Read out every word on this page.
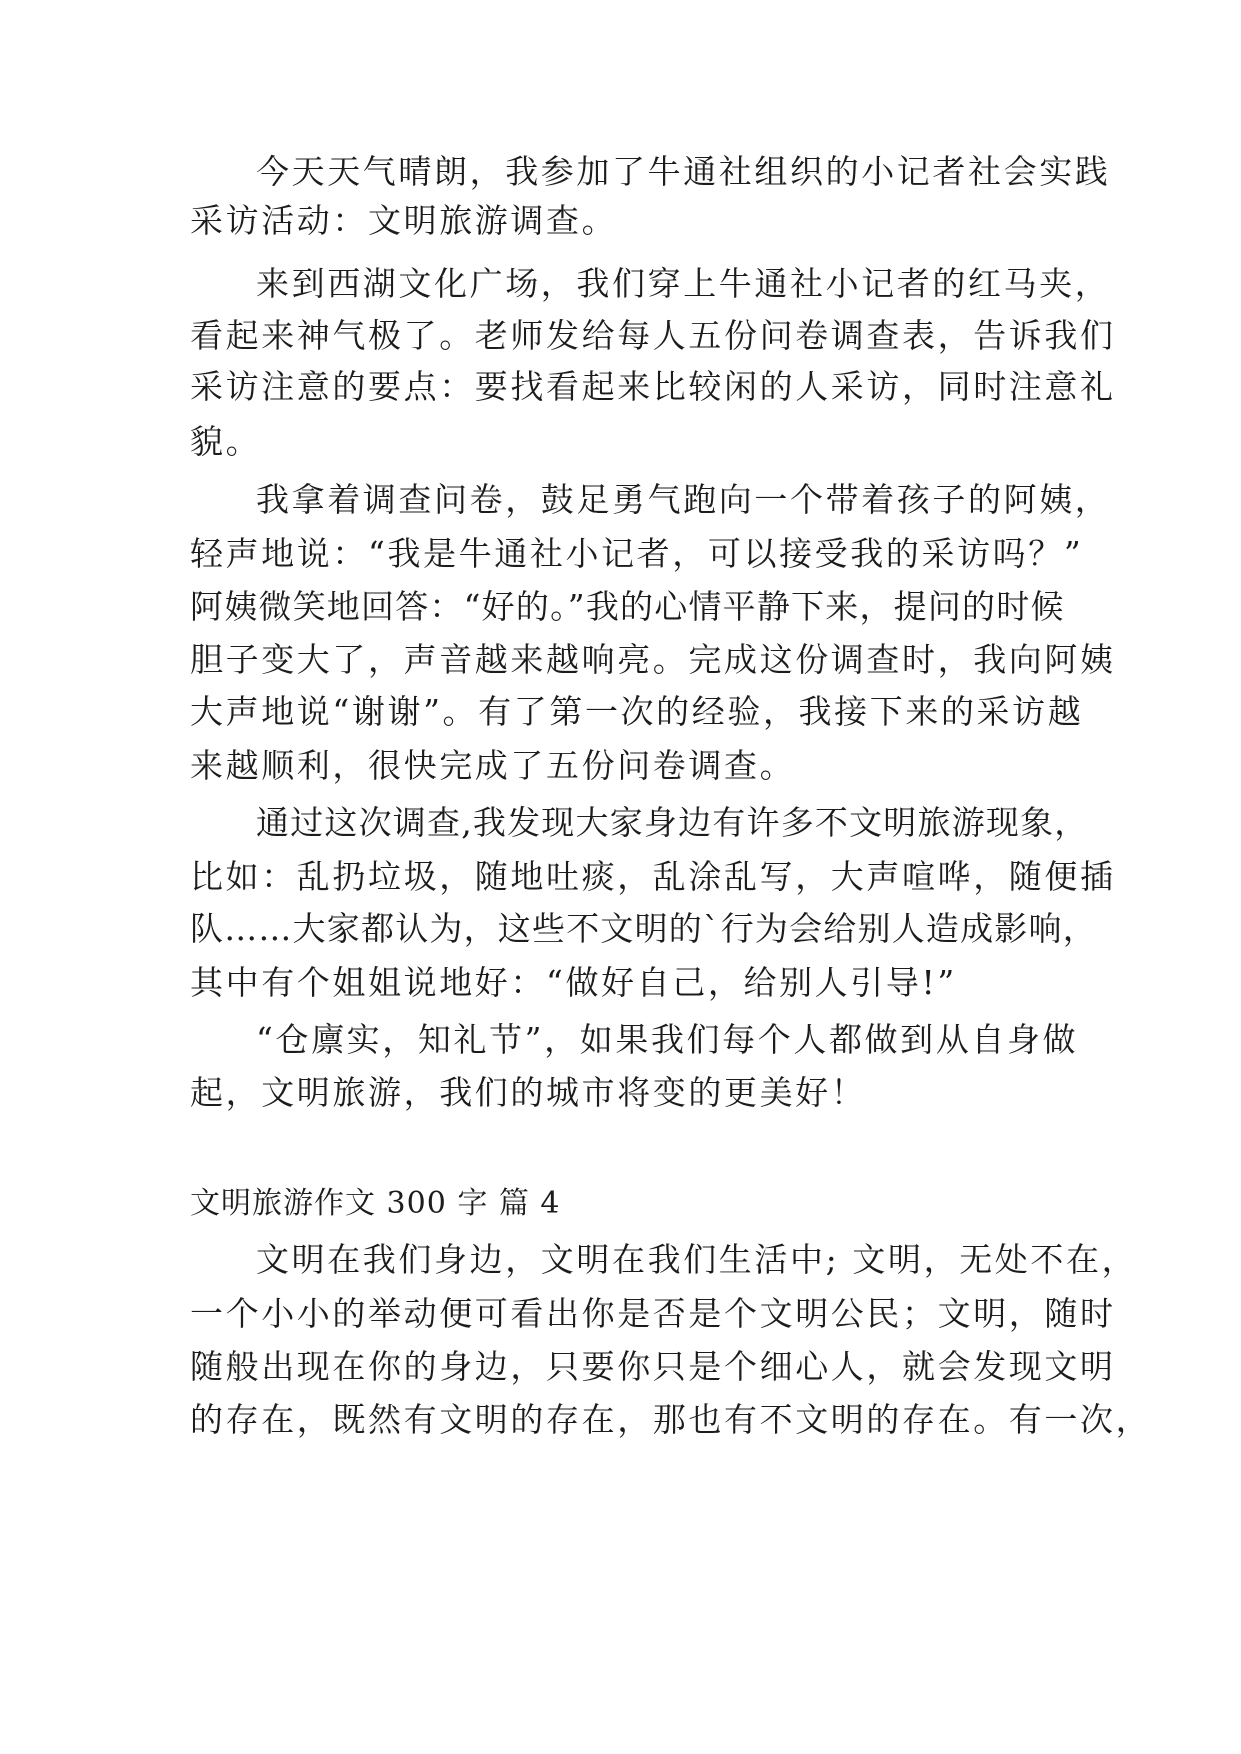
今天天气晴朗，我参加了牛通社组织的小记者社会实践
采访活动：文明旅游调查。
来到西湖文化广场，我们穿上牛通社小记者的红马夹，
看起来神气极了。老师发给每人五份问卷调查表，告诉我们
采访注意的要点：要找看起来比较闲的人采访，同时注意礼
貌。
我拿着调查问卷，鼓足勇气跑向一个带着孩子的阿姨，
轻声地说：“我是牛通社小记者，可以接受我的采访吗？”
阿姨微笑地回答：“好的。”我的心情平静下来，提问的时候
胆子变大了，声音越来越响亮。完成这份调查时，我向阿姨
大声地说“谢谢”。有了第一次的经验，我接下来的采访越
来越顺利，很快完成了五份问卷调查。
通过这次调查,我发现大家身边有许多不文明旅游现象，
比如：乱扔垃圾，随地吐痰，乱涂乱写，大声喧哗，随便插
队……大家都认为，这些不文明的`行为会给别人造成影响，
其中有个姐姐说地好：“做好自己，给别人引导!”
“仓廪实，知礼节”，如果我们每个人都做到从自身做
起，文明旅游，我们的城市将变的更美好！
文明旅游作文 300 字 篇 4
文明在我们身边，文明在我们生活中; 文明，无处不在，
一个小小的举动便可看出你是否是个文明公民；文明，随时
随般出现在你的身边，只要你只是个细心人，就会发现文明
的存在，既然有文明的存在，那也有不文明的存在。有一次，
